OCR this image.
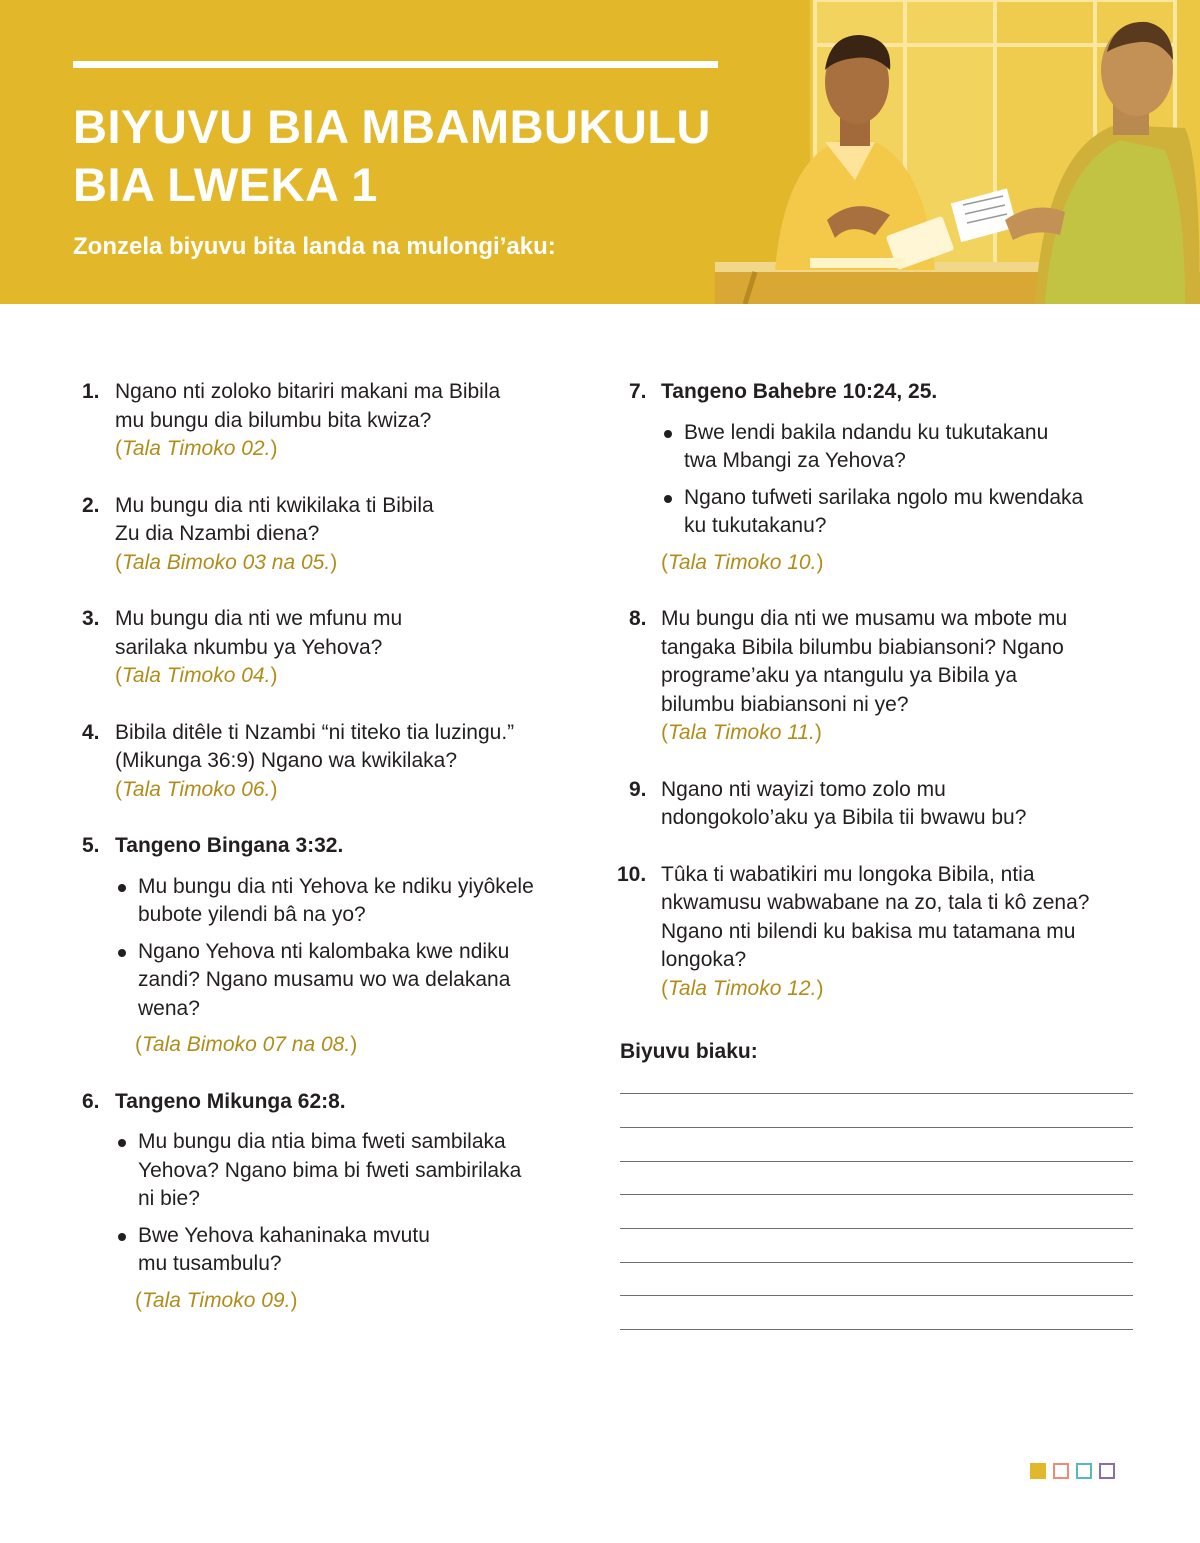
BIYUVU BIA MBAMBUKULU
BIA LWEKA 1
Zonzela biyuvu bita landa na mulongi’aku:
1. Ngano nti zoloko bitariri makani ma Bibila
mu bungu dia bilumbu bita kwiza?
(Tala Timoko 02.)
2. Mu bungu dia nti kwikilaka ti Bibila
Zu dia Nzambi diena?
(Tala Bimoko 03 na 05.)
3. Mu bungu dia nti we mfunu mu
sarilaka nkumbu ya Yehova?
(Tala Timoko 04.)
4. Bibila ditêle ti Nzambi “ni titeko tia luzingu.”
(Mikunga 36:9) Ngano wa kwikilaka?
(Tala Timoko 06.)
5. Tangeno Bingana 3:32.
Mu bungu dia nti Yehova ke ndiku yiyôkele
bubote yilendi bâ na yo?
Ngano Yehova nti kalombaka kwe ndiku
zandi? Ngano musamu wo wa delakana
wena?
(Tala Bimoko 07 na 08.)
6. Tangeno Mikunga 62:8.
Mu bungu dia ntia bima fweti sambilaka
Yehova? Ngano bima bi fweti sambirilaka
ni bie?
Bwe Yehova kahaninaka mvutu
mu tusambulu?
(Tala Timoko 09.)
7. Tangeno Bahebre 10:24, 25.
Bwe lendi bakila ndandu ku tukutakanu
twa Mbangi za Yehova?
Ngano tufweti sarilaka ngolo mu kwendaka
ku tukutakanu?
(Tala Timoko 10.)
8. Mu bungu dia nti we musamu wa mbote mu
tangaka Bibila bilumbu biabiansoni? Ngano
programe’aku ya ntangulu ya Bibila ya
bilumbu biabiansoni ni ye?
(Tala Timoko 11.)
9. Ngano nti wayizi tomo zolo mu
ndongokolo’aku ya Bibila tii bwawu bu?
10. Tûka ti wabatikiri mu longoka Bibila, ntia
nkwamusu wabwabane na zo, tala ti kô zena?
Ngano nti bilendi ku bakisa mu tatamana mu
longoka?
(Tala Timoko 12.)
Biyuvu biaku:
